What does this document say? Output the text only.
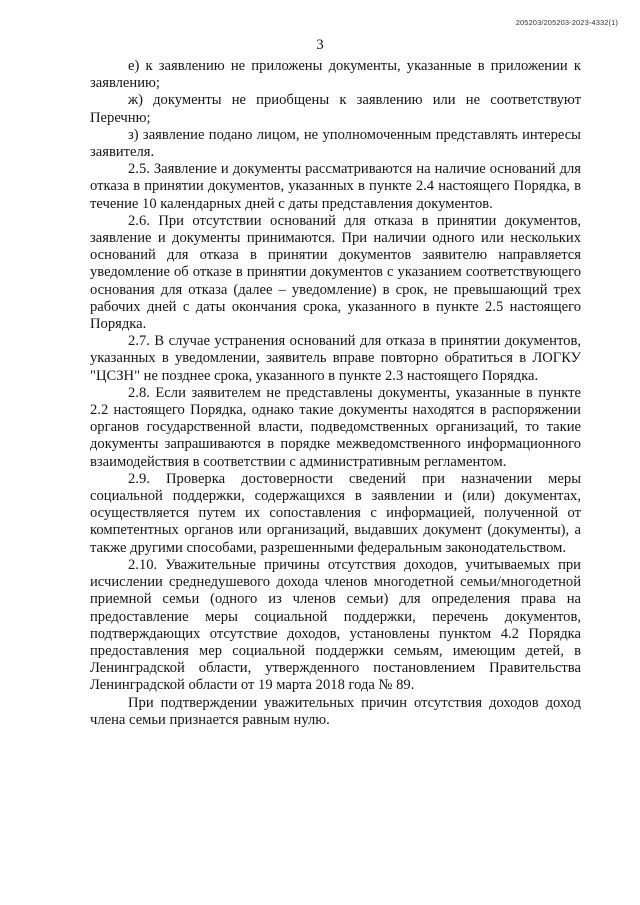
205203/205203-2023-4332(1)
3

е) к заявлению не приложены документы, указанные в приложении к заявлению;

ж) документы не приобщены к заявлению или не соответствуют Перечню;

з) заявление подано лицом, не уполномоченным представлять интересы заявителя.

2.5. Заявление и документы рассматриваются на наличие оснований для отказа в принятии документов, указанных в пункте 2.4 настоящего Порядка, в течение 10 календарных дней с даты представления документов.

2.6. При отсутствии оснований для отказа в принятии документов, заявление и документы принимаются. При наличии одного или нескольких оснований для отказа в принятии документов заявителю направляется уведомление об отказе в принятии документов с указанием соответствующего основания для отказа (далее – уведомление) в срок, не превышающий трех рабочих дней с даты окончания срока, указанного в пункте 2.5 настоящего Порядка.

2.7. В случае устранения оснований для отказа в принятии документов, указанных в уведомлении, заявитель вправе повторно обратиться в ЛОГКУ "ЦСЗН" не позднее срока, указанного в пункте 2.3 настоящего Порядка.

2.8. Если заявителем не представлены документы, указанные в пункте 2.2 настоящего Порядка, однако такие документы находятся в распоряжении органов государственной власти, подведомственных организаций, то такие документы запрашиваются в порядке межведомственного информационного взаимодействия в соответствии с административным регламентом.

2.9. Проверка достоверности сведений при назначении меры социальной поддержки, содержащихся в заявлении и (или) документах, осуществляется путем их сопоставления с информацией, полученной от компетентных органов или организаций, выдавших документ (документы), а также другими способами, разрешенными федеральным законодательством.

2.10. Уважительные причины отсутствия доходов, учитываемых при исчислении среднедушевого дохода членов многодетной семьи/многодетной приемной семьи (одного из членов семьи) для определения права на предоставление меры социальной поддержки, перечень документов, подтверждающих отсутствие доходов, установлены пунктом 4.2 Порядка предоставления мер социальной поддержки семьям, имеющим детей, в Ленинградской области, утвержденного постановлением Правительства Ленинградской области от 19 марта 2018 года № 89.

При подтверждении уважительных причин отсутствия доходов доход члена семьи признается равным нулю.
